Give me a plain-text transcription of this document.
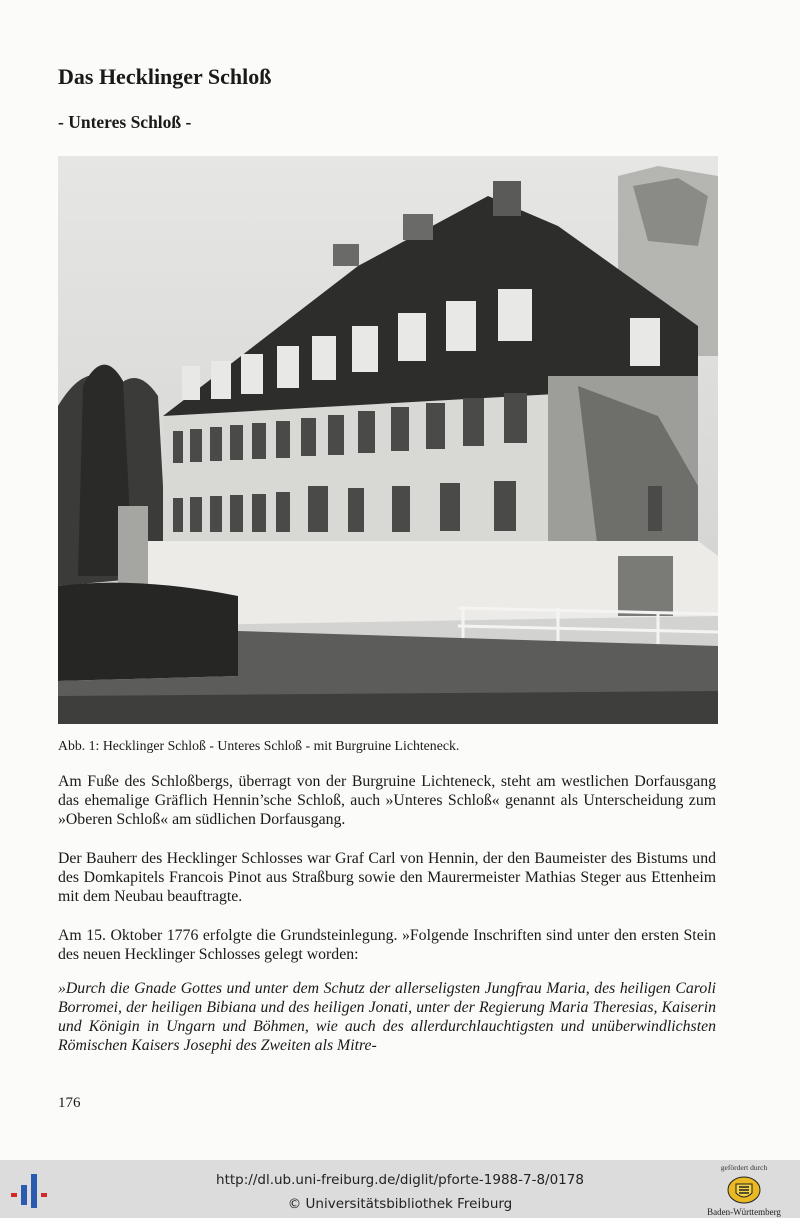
Das Hecklinger Schloß
- Unteres Schloß -
Abb. 1: Hecklinger Schloß - Unteres Schloß - mit Burgruine Lichteneck.
Am Fuße des Schloßbergs, überragt von der Burgruine Lichteneck, steht am westlichen Dorfausgang das ehemalige Gräflich Hennin’sche Schloß, auch »Unteres Schloß« genannt als Unterscheidung zum »Oberen Schloß« am südlichen Dorfausgang.
Der Bauherr des Hecklinger Schlosses war Graf Carl von Hennin, der den Baumeister des Bistums und des Domkapitels Francois Pinot aus Straßburg sowie den Maurermeister Mathias Steger aus Ettenheim mit dem Neubau beauftragte.
Am 15. Oktober 1776 erfolgte die Grundsteinlegung. »Folgende Inschriften sind unter den ersten Stein des neuen Hecklinger Schlosses gelegt worden:
»Durch die Gnade Gottes und unter dem Schutz der allerseligsten Jungfrau Maria, des heiligen Caroli Borromei, der heiligen Bibiana und des heiligen Jonati, unter der Regierung Maria Theresias, Kaiserin und Königin in Ungarn und Böhmen, wie auch des allerdurchlauchtigsten und unüberwindlichsten Römischen Kaisers Josephi des Zweiten als Mitre-
176
http://dl.ub.uni-freiburg.de/diglit/pforte-1988-7-8/0178
© Universitätsbibliothek Freiburg
gefördert durch
Baden-Württemberg
